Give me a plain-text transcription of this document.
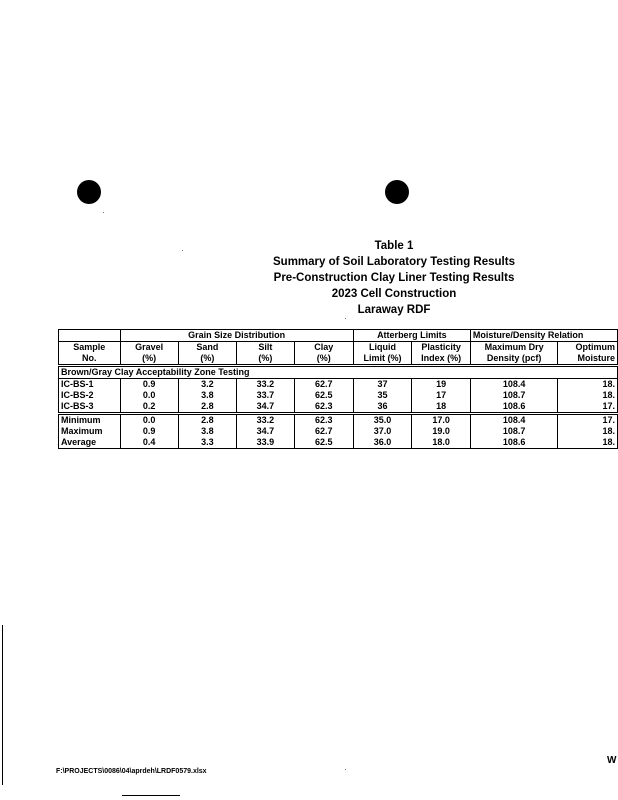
Table 1
Summary of Soil Laboratory Testing Results
Pre-Construction Clay Liner Testing Results
2023 Cell Construction
Laraway RDF
	Grain Size Distribution				Atterberg Limits		Moisture/Density Relation	
Sample	Gravel	Sand	Silt	Clay	Liquid	Plasticity	Maximum Dry	Optimum
No.	(%)	(%)	(%)	(%)	Limit (%)	Index (%)	Density (pcf)	Moisture
Brown/Gray Clay Acceptability Zone Testing								
IC-BS-1	0.9	3.2	33.2	62.7	37	19	108.4	18.
IC-BS-2	0.0	3.8	33.7	62.5	35	17	108.7	18.
IC-BS-3	0.2	2.8	34.7	62.3	36	18	108.6	17.
Minimum	0.0	2.8	33.2	62.3	35.0	17.0	108.4	17.
Maximum	0.9	3.8	34.7	62.7	37.0	19.0	108.7	18.
Average	0.4	3.3	33.9	62.5	36.0	18.0	108.6	18.
F:\PROJECTS\0086\04\aprdeh\LRDF0579.xlsx
W
